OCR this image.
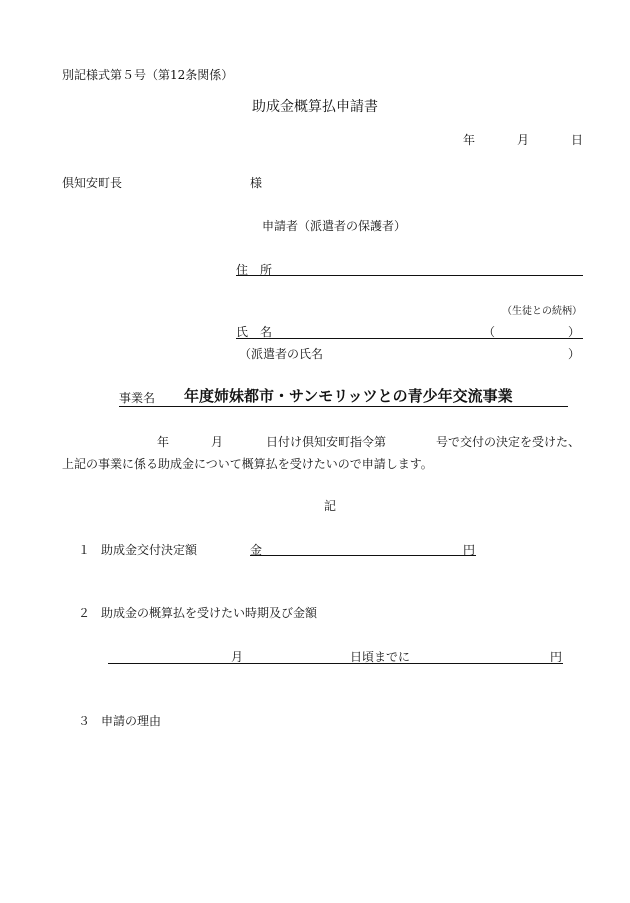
別記様式第５号（第12条関係）
助成金概算払申請書
年	月	日
倶知安町長	様
申請者（派遣者の保護者）
住　所
（生徒との続柄）
氏　名	（	）
（派遣者の氏名	）
事業名 年度姉妹都市・サンモリッツとの青少年交流事業
年	月	日付け倶知安町指令第	号で交付の決定を受けた、
上記の事業に係る助成金について概算払を受けたいので申請します。
記
１ 助成金交付決定額	金	円
２ 助成金の概算払を受けたい時期及び金額
月	日頃までに	円
３ 申請の理由
